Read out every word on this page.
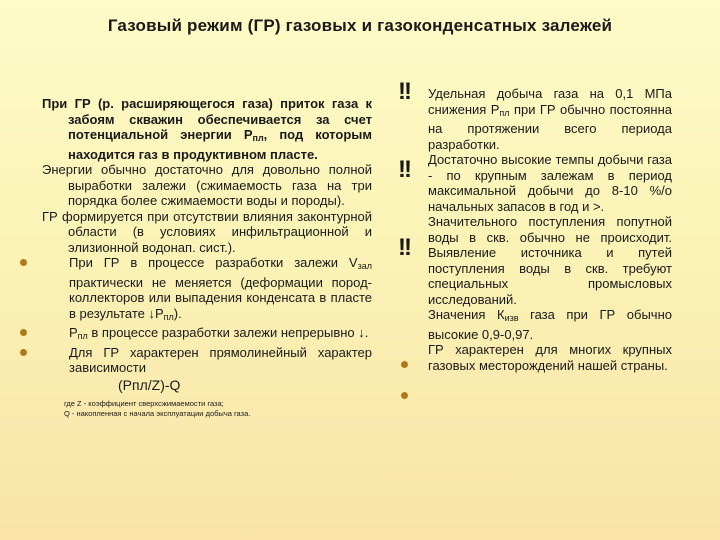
Газовый режим (ГР) газовых и газоконденсатных залежей
При ГР (р. расширяющегося газа) приток газа к забоям скважин обеспечивается за счет потенциальной энергии $Р_{пл}$, под которым находится газ в продуктивном пласте.
Энергии обычно достаточно для довольно полной выработки залежи (сжимаемость газа на три порядка более сжимаемости воды и породы).
ГР формируется при отсутствии влияния законтурной области (в условиях инфильтрационной и элизионной водонап. сист.).
При ГР в процессе разработки залежи $V_{зал}$ практически не меняется (деформации пород-коллекторов или выпадения конденсата в пласте в результате $↓Р_{пл}$).
$Р_{пл}$ в процессе разработки залежи непрерывно ↓.
Для ГР характерен прямолинейный характер зависимости
(Рпл/Z)-Q
где Z - коэффициент сверхсжимаемости газа;
Q - накопленная с начала эксплуатации добыча газа.
!!
!!
!!
Удельная добыча газа на 0,1 МПа снижения $Р_{пл}$ при ГР обычно постоянна на протяжении всего периода разработки.
Достаточно высокие темпы добычи газа - по крупным залежам в период максимальной добычи до 8-10 %/о начальных запасов в год и >.
Значительного поступления попутной воды в скв. обычно не происходит. Выявление источника и путей поступления воды в скв. требуют специальных промысловых исследований.
Значения $К_{изв}$ газа при ГР обычно высокие 0,9-0,97.
ГР характерен для многих крупных газовых месторождений нашей страны.
